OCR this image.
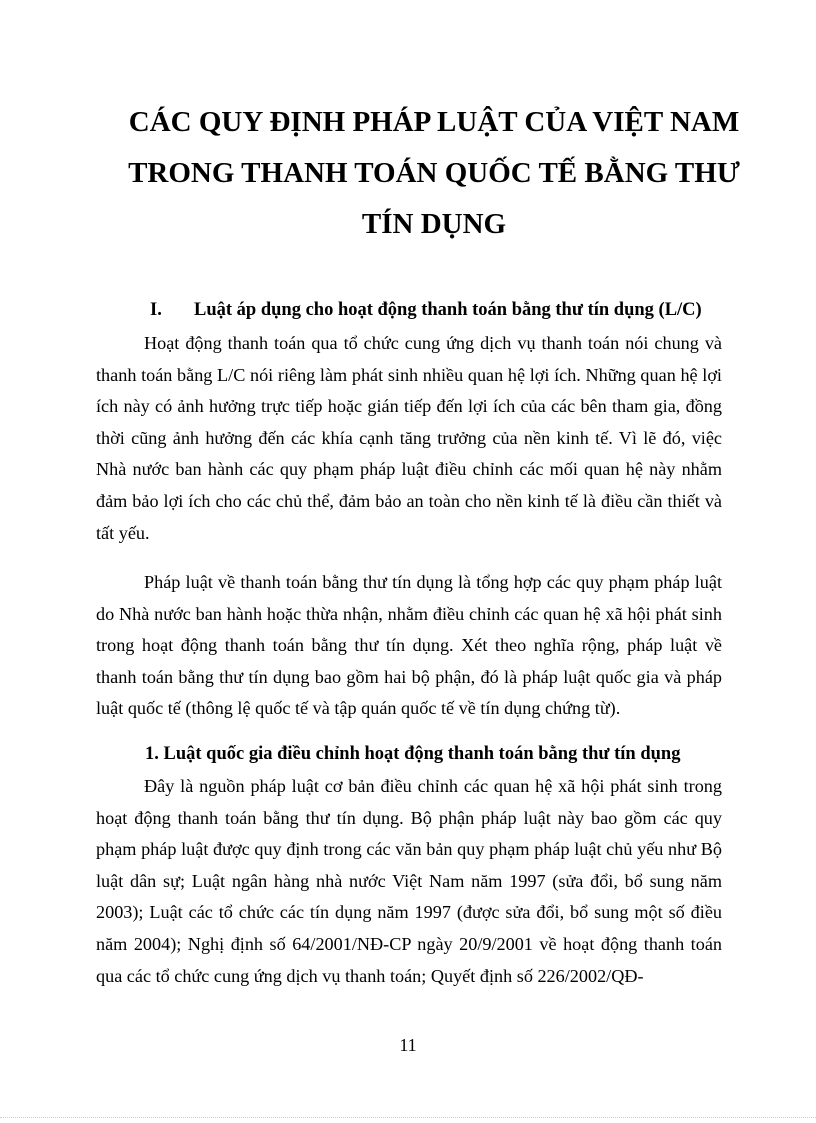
CÁC QUY ĐỊNH PHÁP LUẬT CỦA VIỆT NAM
TRONG THANH TOÁN QUỐC TẾ BẰNG THƯ
TÍN DỤNG
I. Luật áp dụng cho hoạt động thanh toán bằng thư tín dụng (L/C)

Hoạt động thanh toán qua tổ chức cung ứng dịch vụ thanh toán nói chung và thanh toán bằng L/C nói riêng làm phát sinh nhiều quan hệ lợi ích. Những quan hệ lợi ích này có ảnh hưởng trực tiếp hoặc gián tiếp đến lợi ích của các bên tham gia, đồng thời cũng ảnh hưởng đến các khía cạnh tăng trưởng của nền kinh tế. Vì lẽ đó, việc Nhà nước ban hành các quy phạm pháp luật điều chỉnh các mối quan hệ này nhằm đảm bảo lợi ích cho các chủ thể, đảm bảo an toàn cho nền kinh tế là điều cần thiết và tất yếu.

Pháp luật về thanh toán bằng thư tín dụng là tổng hợp các quy phạm pháp luật do Nhà nước ban hành hoặc thừa nhận, nhằm điều chỉnh các quan hệ xã hội phát sinh trong hoạt động thanh toán bằng thư tín dụng. Xét theo nghĩa rộng, pháp luật về thanh toán bằng thư tín dụng bao gồm hai bộ phận, đó là pháp luật quốc gia và pháp luật quốc tế (thông lệ quốc tế và tập quán quốc tế về tín dụng chứng từ).

1. Luật quốc gia điều chỉnh hoạt động thanh toán bằng thư tín dụng

Đây là nguồn pháp luật cơ bản điều chỉnh các quan hệ xã hội phát sinh trong hoạt động thanh toán bằng thư tín dụng. Bộ phận pháp luật này bao gồm các quy phạm pháp luật được quy định trong các văn bản quy phạm pháp luật chủ yếu như Bộ luật dân sự; Luật ngân hàng nhà nước Việt Nam năm 1997 (sửa đổi, bổ sung năm 2003); Luật các tổ chức các tín dụng năm 1997 (được sửa đổi, bổ sung một số điều năm 2004); Nghị định số 64/2001/NĐ-CP ngày 20/9/2001 về hoạt động thanh toán qua các tổ chức cung ứng dịch vụ thanh toán; Quyết định số 226/2002/QĐ-

11
